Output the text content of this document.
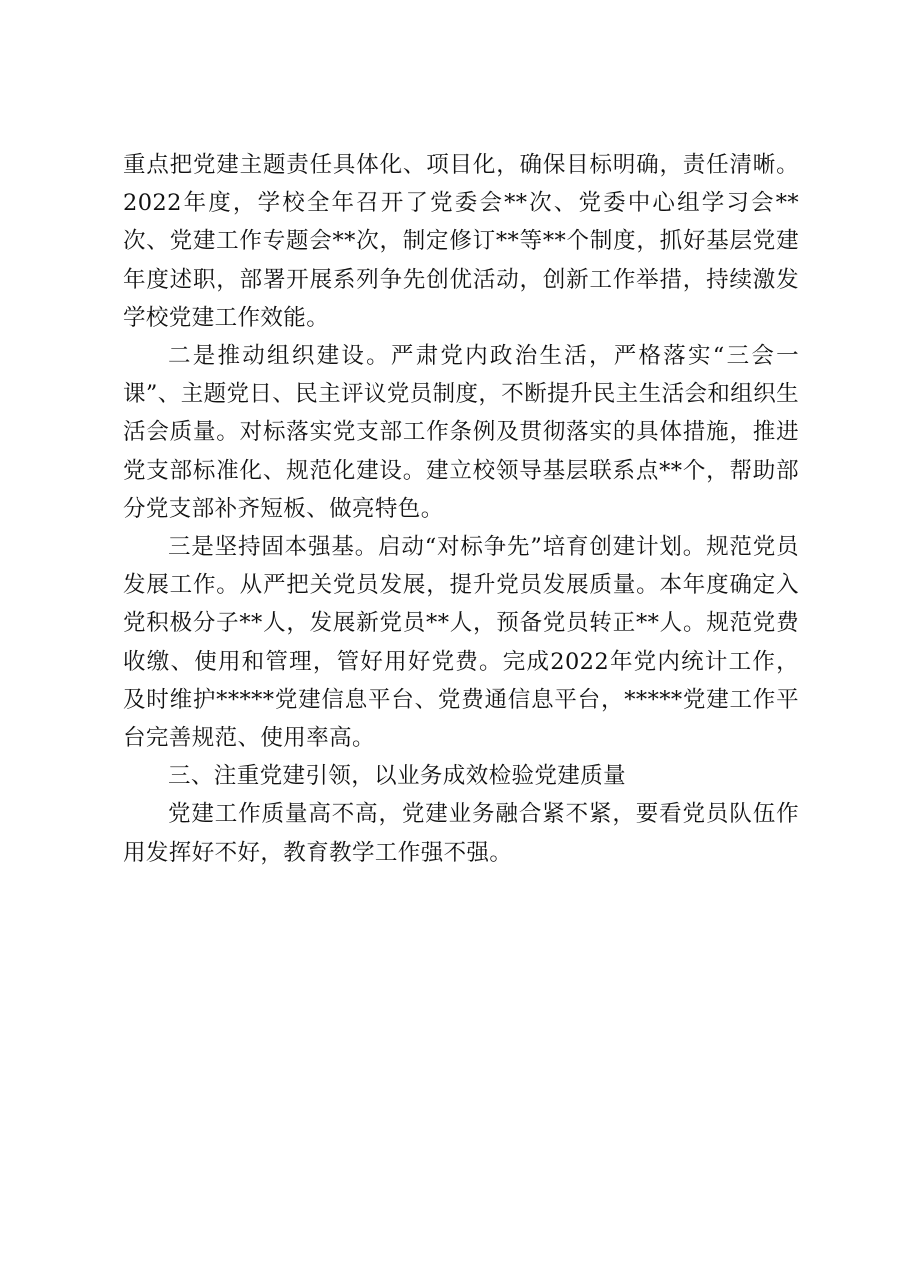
重点把党建主题责任具体化、项目化，确保目标明确，责任清晰。2022年度，学校全年召开了党委会**次、党委中心组学习会**次、党建工作专题会**次，制定修订**等**个制度，抓好基层党建年度述职，部署开展系列争先创优活动，创新工作举措，持续激发学校党建工作效能。

二是推动组织建设。严肃党内政治生活，严格落实“三会一课”、主题党日、民主评议党员制度，不断提升民主生活会和组织生活会质量。对标落实党支部工作条例及贯彻落实的具体措施，推进党支部标准化、规范化建设。建立校领导基层联系点**个，帮助部分党支部补齐短板、做亮特色。

三是坚持固本强基。启动“对标争先”培育创建计划。规范党员发展工作。从严把关党员发展，提升党员发展质量。本年度确定入党积极分子**人，发展新党员**人，预备党员转正**人。规范党费收缴、使用和管理，管好用好党费。完成2022年党内统计工作，及时维护*****党建信息平台、党费通信息平台，*****党建工作平台完善规范、使用率高。

三、注重党建引领，以业务成效检验党建质量

党建工作质量高不高，党建业务融合紧不紧，要看党员队伍作用发挥好不好，教育教学工作强不强。
